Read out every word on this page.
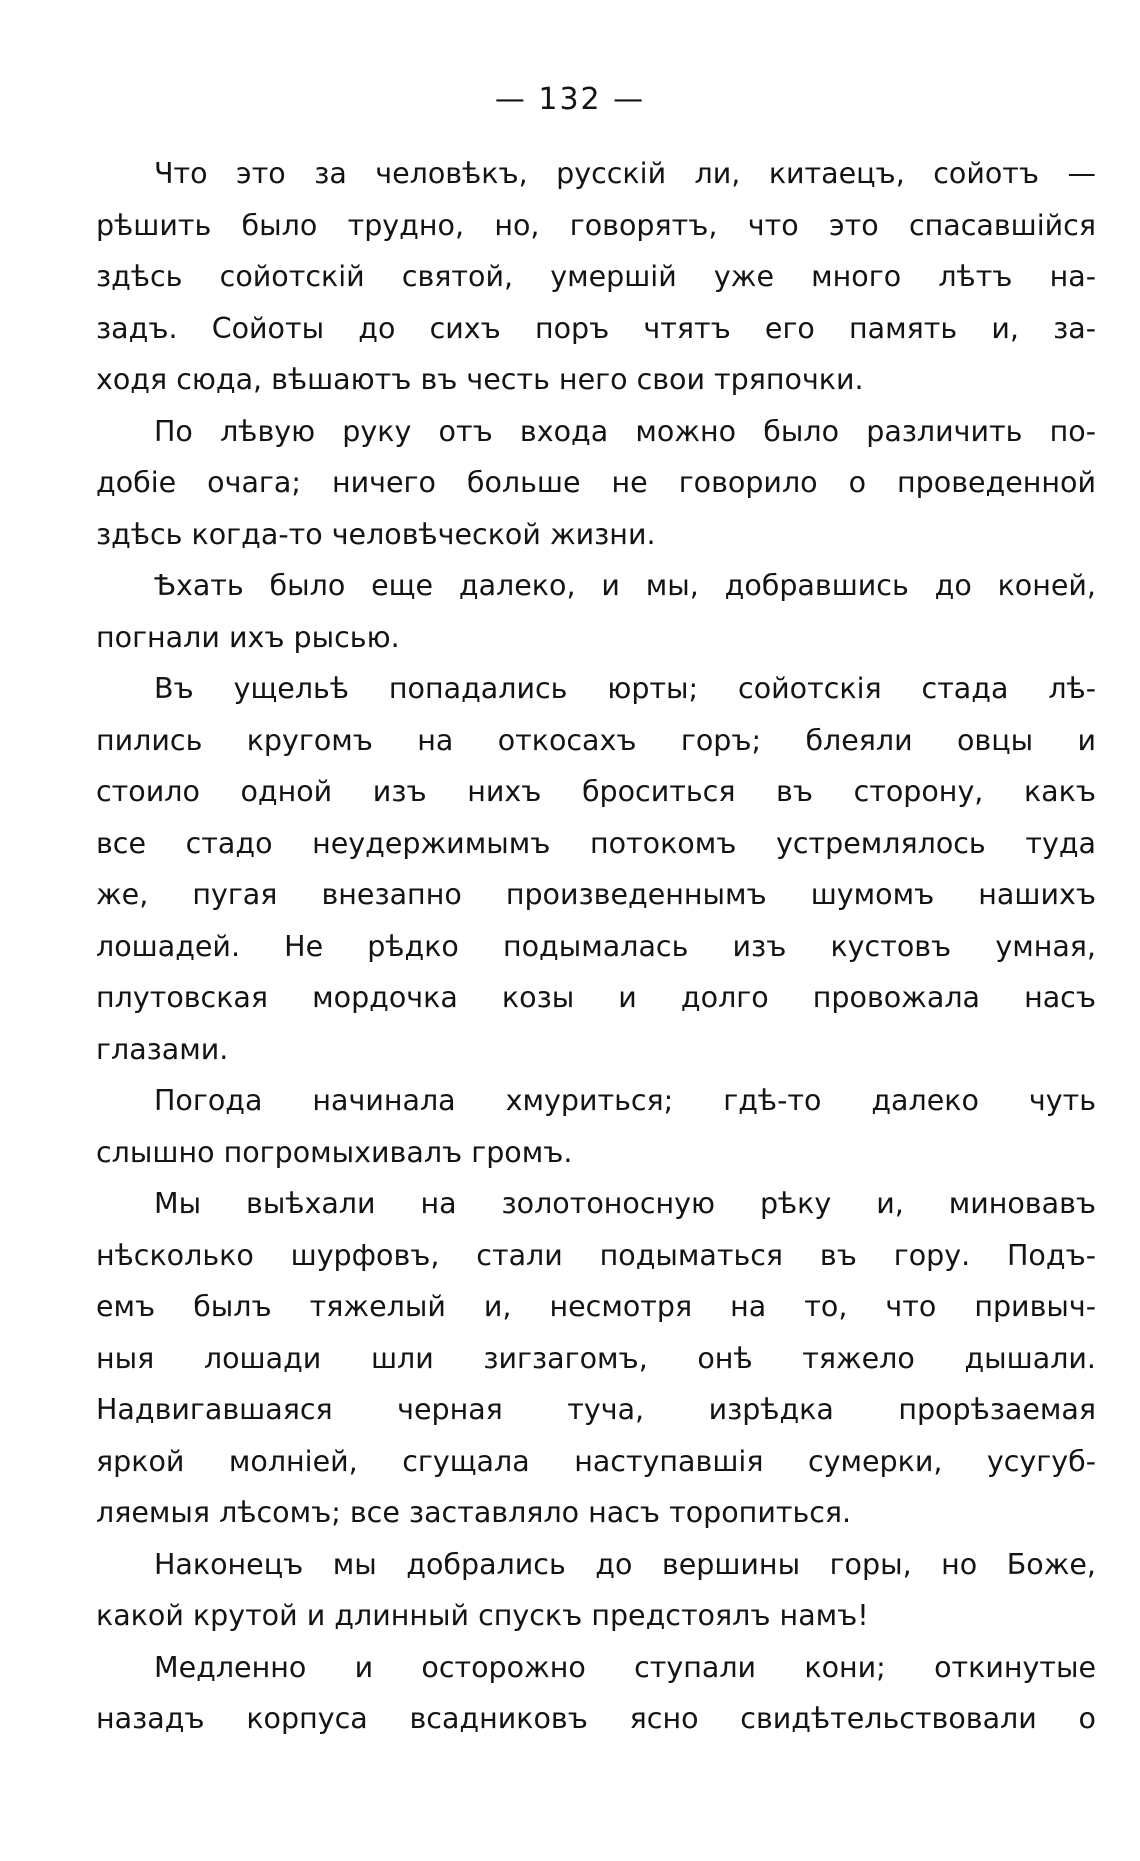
— 132 —
Что это за человѣкъ, русскій ли, китаецъ, сойотъ —
рѣшить было трудно, но, говорятъ, что это спасавшійся
здѣсь сойотскій святой, умершій уже много лѣтъ на-
задъ. Сойоты до сихъ поръ чтятъ его память и, за-
ходя сюда, вѣшаютъ въ честь него свои тряпочки.
По лѣвую руку отъ входа можно было различить по-
добіе очага; ничего больше не говорило о проведенной
здѣсь когда-то человѣческой жизни.
Ѣхать было еще далеко, и мы, добравшись до коней,
погнали ихъ рысью.
Въ ущельѣ попадались юрты; сойотскія стада лѣ-
пились кругомъ на откосахъ горъ; блеяли овцы и
стоило одной изъ нихъ броситься въ сторону, какъ
все стадо неудержимымъ потокомъ устремлялось туда
же, пугая внезапно произведеннымъ шумомъ нашихъ
лошадей. Не рѣдко подымалась изъ кустовъ умная,
плутовская мордочка козы и долго провожала насъ
глазами.
Погода начинала хмуриться; гдѣ-то далеко чуть
слышно погромыхивалъ громъ.
Мы выѣхали на золотоносную рѣку и, миновавъ
нѣсколько шурфовъ, стали подыматься въ гору. Подъ-
емъ былъ тяжелый и, несмотря на то, что привыч-
ныя лошади шли зигзагомъ, онѣ тяжело дышали.
Надвигавшаяся черная туча, изрѣдка прорѣзаемая
яркой молніей, сгущала наступавшія сумерки, усугуб-
ляемыя лѣсомъ; все заставляло насъ торопиться.
Наконецъ мы добрались до вершины горы, но Боже,
какой крутой и длинный спускъ предстоялъ намъ!
Медленно и осторожно ступали кони; откинутые
назадъ корпуса всадниковъ ясно свидѣтельствовали о
